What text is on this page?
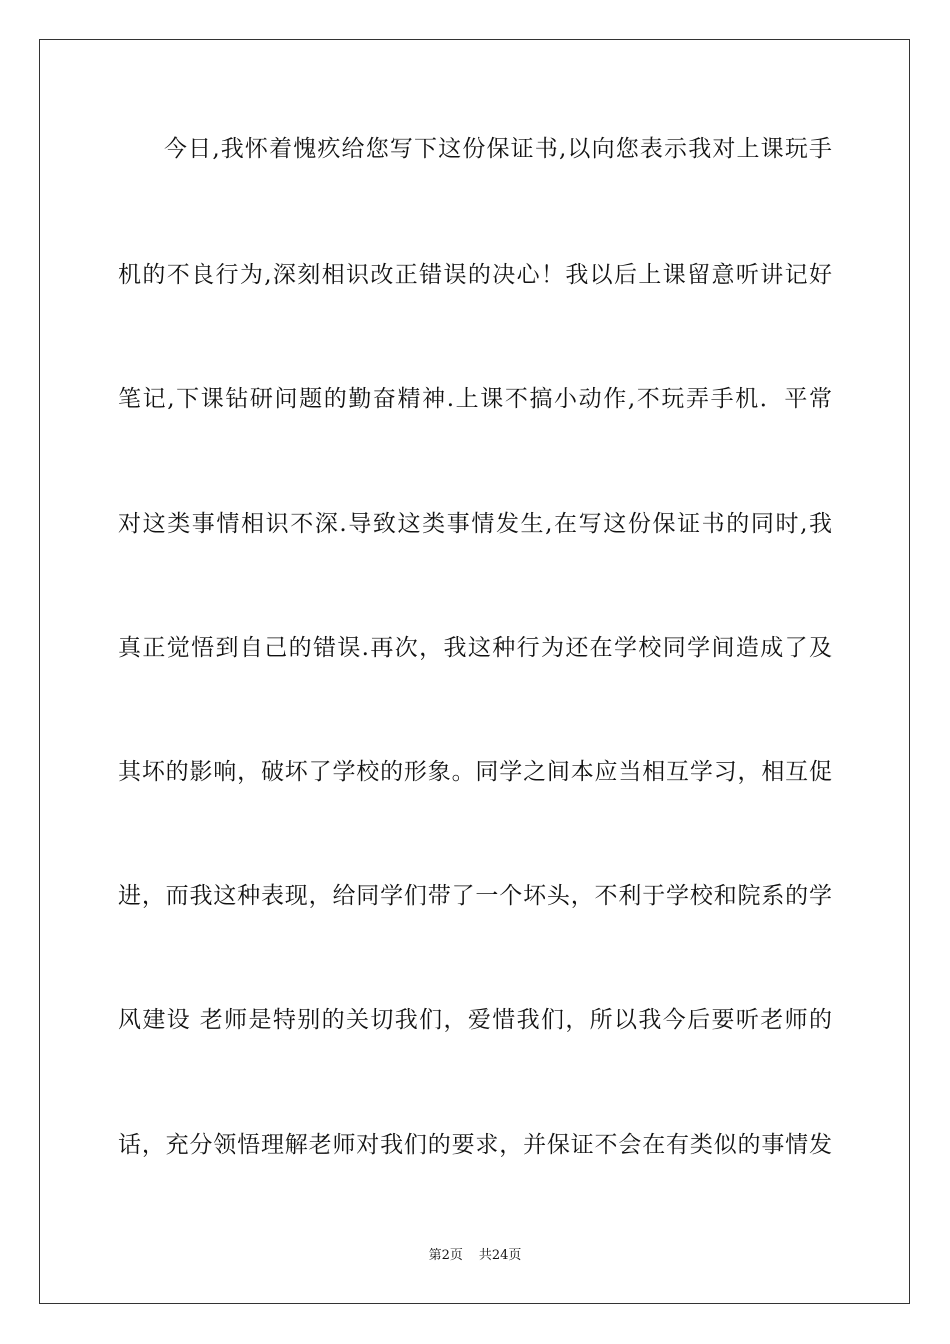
今日,我怀着愧疚给您写下这份保证书,以向您表示我对上课玩手
机的不良行为,深刻相识改正错误的决心！我以后上课留意听讲记好
笔记,下课钻研问题的勤奋精神.上课不搞小动作,不玩弄手机．平常
对这类事情相识不深.导致这类事情发生,在写这份保证书的同时,我
真正觉悟到自己的错误.再次，我这种行为还在学校同学间造成了及
其坏的影响，破坏了学校的形象。同学之间本应当相互学习，相互促
进，而我这种表现，给同学们带了一个坏头，不利于学校和院系的学
风建设 老师是特别的关切我们，爱惜我们，所以我今后要听老师的
话，充分领悟理解老师对我们的要求，并保证不会在有类似的事情发
第2页 共24页
